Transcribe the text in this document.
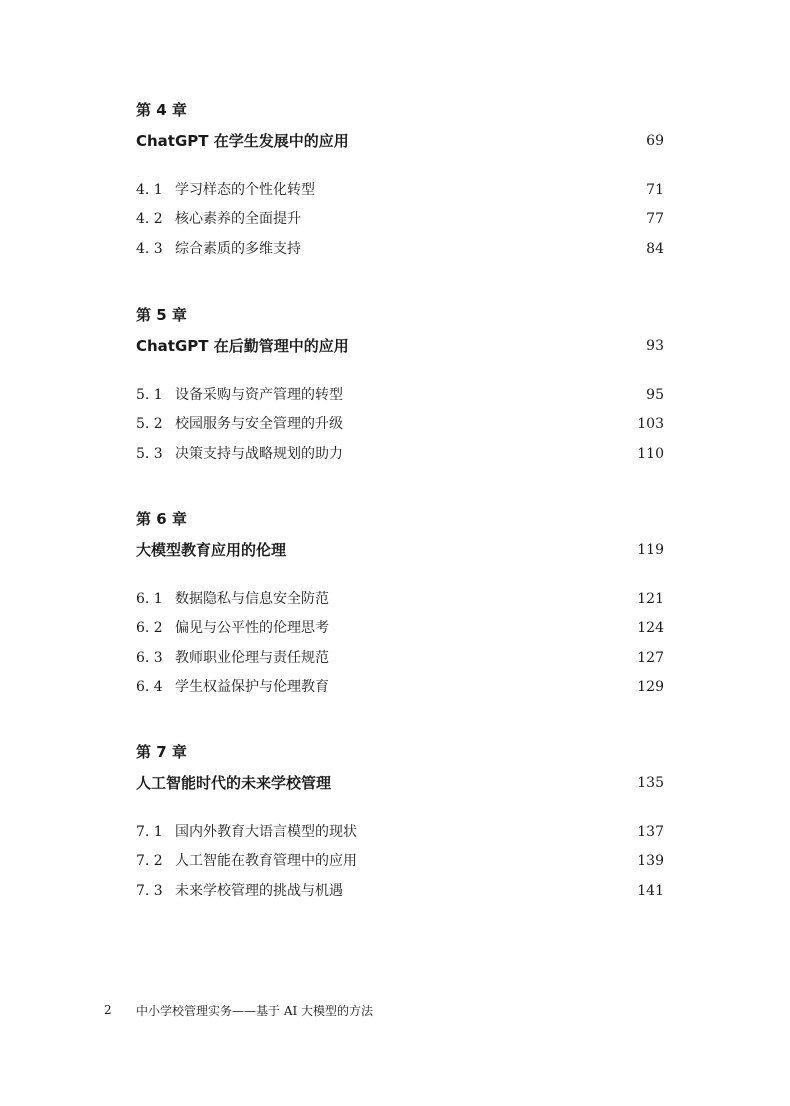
第 4 章
ChatGPT 在学生发展中的应用	69
4. 1 学习样态的个性化转型	71
4. 2 核心素养的全面提升	77
4. 3 综合素质的多维支持	84
第 5 章
ChatGPT 在后勤管理中的应用	93
5. 1 设备采购与资产管理的转型	95
5. 2 校园服务与安全管理的升级	103
5. 3 决策支持与战略规划的助力	110
第 6 章
大模型教育应用的伦理	119
6. 1 数据隐私与信息安全防范	121
6. 2 偏见与公平性的伦理思考	124
6. 3 教师职业伦理与责任规范	127
6. 4 学生权益保护与伦理教育	129
第 7 章
人工智能时代的未来学校管理	135
7. 1 国内外教育大语言模型的现状	137
7. 2 人工智能在教育管理中的应用	139
7. 3 未来学校管理的挑战与机遇	141
2	中小学校管理实务——基于 AI 大模型的方法
